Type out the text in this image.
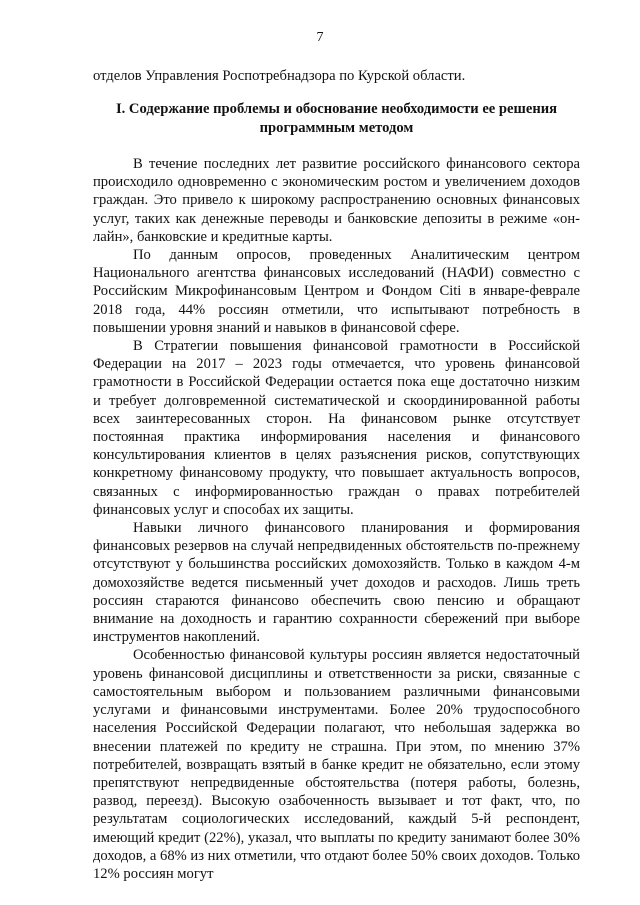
7

отделов Управления Роспотребнадзора по Курской области.

I. Содержание проблемы и обоснование необходимости ее решения программным методом

В течение последних лет развитие российского финансового сектора происходило одновременно с экономическим ростом и увеличением доходов граждан. Это привело к широкому распространению основных финансовых услуг, таких как денежные переводы и банковские депозиты в режиме «он-лайн», банковские и кредитные карты.

По данным опросов, проведенных Аналитическим центром Национального агентства финансовых исследований (НАФИ) совместно с Российским Микрофинансовым Центром и Фондом Citi в январе-феврале 2018 года, 44% россиян отметили, что испытывают потребность в повышении уровня знаний и навыков в финансовой сфере.

В Стратегии повышения финансовой грамотности в Российской Федерации на 2017 – 2023 годы отмечается, что уровень финансовой грамотности в Российской Федерации остается пока еще достаточно низким и требует долговременной систематической и скоординированной работы всех заинтересованных сторон. На финансовом рынке отсутствует постоянная практика информирования населения и финансового консультирования клиентов в целях разъяснения рисков, сопутствующих конкретному финансовому продукту, что повышает актуальность вопросов, связанных с информированностью граждан о правах потребителей финансовых услуг и способах их защиты.

Навыки личного финансового планирования и формирования финансовых резервов на случай непредвиденных обстоятельств по-прежнему отсутствуют у большинства российских домохозяйств. Только в каждом 4-м домохозяйстве ведется письменный учет доходов и расходов. Лишь треть россиян стараются финансово обеспечить свою пенсию и обращают внимание на доходность и гарантию сохранности сбережений при выборе инструментов накоплений.

Особенностью финансовой культуры россиян является недостаточный уровень финансовой дисциплины и ответственности за риски, связанные с самостоятельным выбором и пользованием различными финансовыми услугами и финансовыми инструментами. Более 20% трудоспособного населения Российской Федерации полагают, что небольшая задержка во внесении платежей по кредиту не страшна. При этом, по мнению 37% потребителей, возвращать взятый в банке кредит не обязательно, если этому препятствуют непредвиденные обстоятельства (потеря работы, болезнь, развод, переезд). Высокую озабоченность вызывает и тот факт, что, по результатам социологических исследований, каждый 5-й респондент, имеющий кредит (22%), указал, что выплаты по кредиту занимают более 30% доходов, а 68% из них отметили, что отдают более 50% своих доходов. Только 12% россиян могут
